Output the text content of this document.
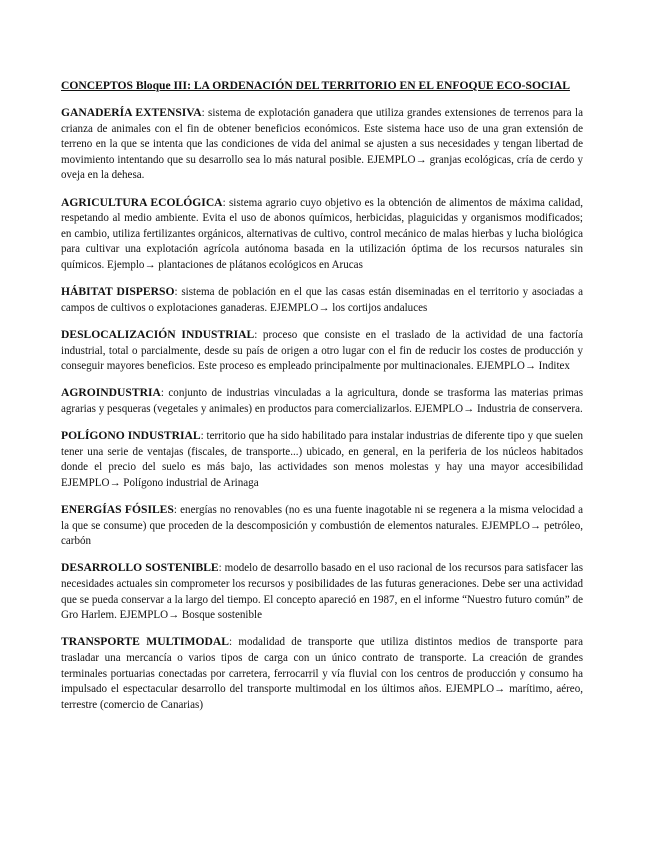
CONCEPTOS Bloque III: LA ORDENACIÓN DEL TERRITORIO EN EL ENFOQUE ECO-SOCIAL

GANADERÍA EXTENSIVA: sistema de explotación ganadera que utiliza grandes extensiones de terrenos para la crianza de animales con el fin de obtener beneficios económicos. Este sistema hace uso de una gran extensión de terreno en la que se intenta que las condiciones de vida del animal se ajusten a sus necesidades y tengan libertad de movimiento intentando que su desarrollo sea lo más natural posible. EJEMPLO→ granjas ecológicas, cría de cerdo y oveja en la dehesa.

AGRICULTURA ECOLÓGICA: sistema agrario cuyo objetivo es la obtención de alimentos de máxima calidad, respetando al medio ambiente. Evita el uso de abonos químicos, herbicidas, plaguicidas y organismos modificados; en cambio, utiliza fertilizantes orgánicos, alternativas de cultivo, control mecánico de malas hierbas y lucha biológica para cultivar una explotación agrícola autónoma basada en la utilización óptima de los recursos naturales sin químicos. Ejemplo→ plantaciones de plátanos ecológicos en Arucas

HÁBITAT DISPERSO: sistema de población en el que las casas están diseminadas en el territorio y asociadas a campos de cultivos o explotaciones ganaderas. EJEMPLO→ los cortijos andaluces

DESLOCALIZACIÓN INDUSTRIAL: proceso que consiste en el traslado de la actividad de una factoría industrial, total o parcialmente, desde su país de origen a otro lugar con el fin de reducir los costes de producción y conseguir mayores beneficios. Este proceso es empleado principalmente por multinacionales. EJEMPLO→ Inditex

AGROINDUSTRIA: conjunto de industrias vinculadas a la agricultura, donde se trasforma las materias primas agrarias y pesqueras (vegetales y animales) en productos para comercializarlos. EJEMPLO→ Industria de conservera.

POLÍGONO INDUSTRIAL: territorio que ha sido habilitado para instalar industrias de diferente tipo y que suelen tener una serie de ventajas (fiscales, de transporte...) ubicado, en general, en la periferia de los núcleos habitados donde el precio del suelo es más bajo, las actividades son menos molestas y hay una mayor accesibilidad EJEMPLO→ Polígono industrial de Arinaga

ENERGÍAS FÓSILES: energías no renovables (no es una fuente inagotable ni se regenera a la misma velocidad a la que se consume) que proceden de la descomposición y combustión de elementos naturales. EJEMPLO→ petróleo, carbón

DESARROLLO SOSTENIBLE: modelo de desarrollo basado en el uso racional de los recursos para satisfacer las necesidades actuales sin comprometer los recursos y posibilidades de las futuras generaciones. Debe ser una actividad que se pueda conservar a la largo del tiempo. El concepto apareció en 1987, en el informe “Nuestro futuro común” de Gro Harlem. EJEMPLO→ Bosque sostenible

TRANSPORTE MULTIMODAL: modalidad de transporte que utiliza distintos medios de transporte para trasladar una mercancía o varios tipos de carga con un único contrato de transporte. La creación de grandes terminales portuarias conectadas por carretera, ferrocarril y vía fluvial con los centros de producción y consumo ha impulsado el espectacular desarrollo del transporte multimodal en los últimos años. EJEMPLO→ marítimo, aéreo, terrestre (comercio de Canarias)
